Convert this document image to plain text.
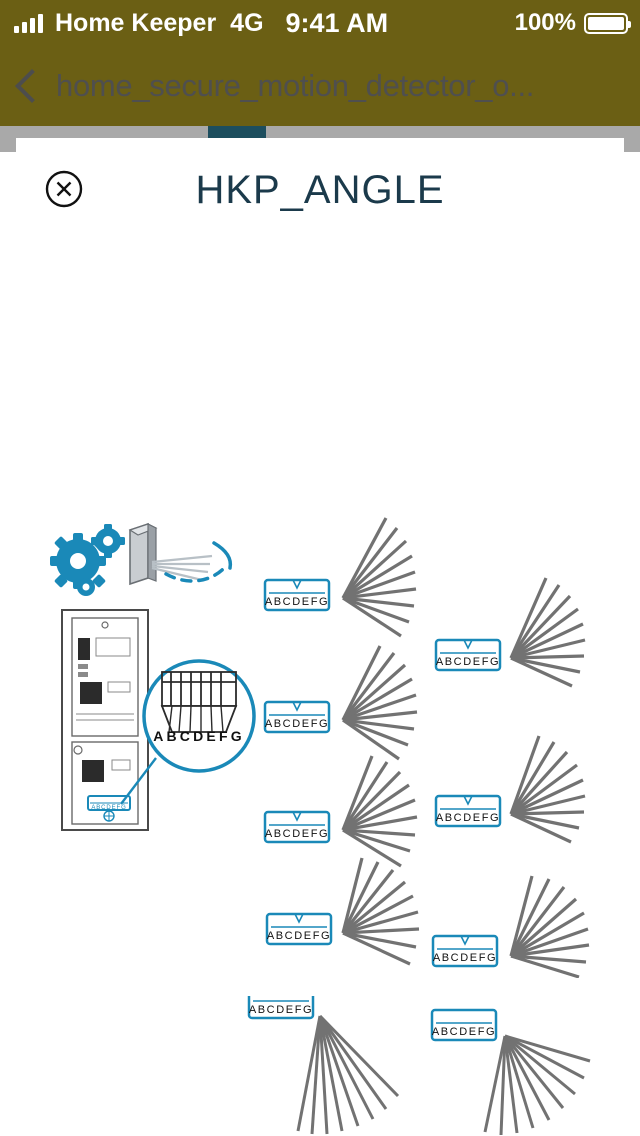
ABCDEFG
ABCDEFG
Home Keeper 4G 9:41 AM	100%
home_secure_motion_detector_o...
HKP_ANGLE
ABCDEFG
ABCDEFG
ABCDEFG
ABCDEFG
ABCDEFG
ABCDEFG
ABCDEFG
ABCDEFG
ABCDEFG
